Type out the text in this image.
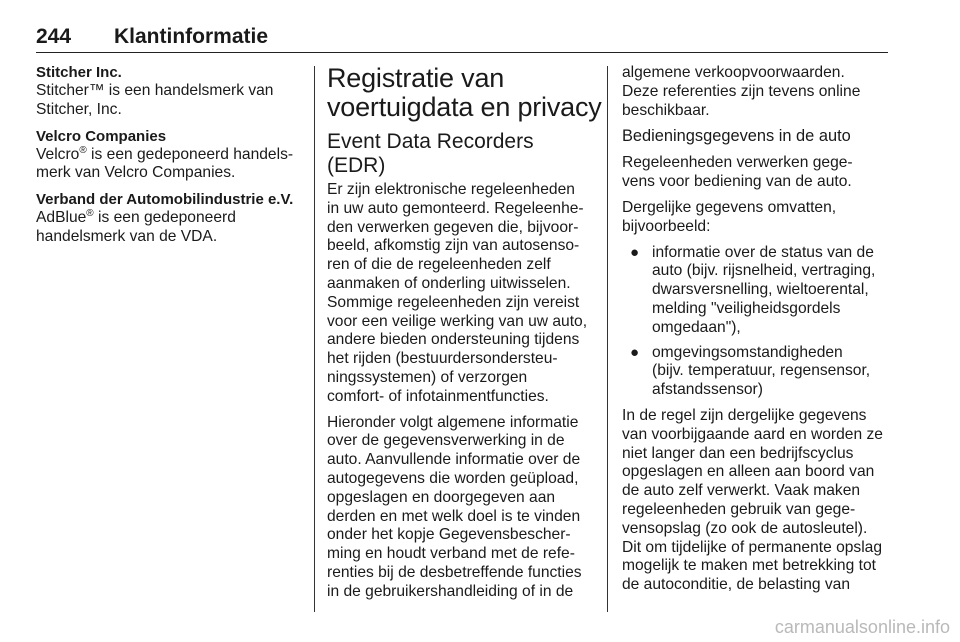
244 Klantinformatie

Stitcher Inc.

Stitcher™ is een handelsmerk van
Stitcher, Inc.

Velcro Companies

Velcro® is een gedeponeerd handels-
merk van Velcro Companies.

Verband der Automobilindustrie e.V.

AdBlue® is een gedeponeerd
handelsmerk van de VDA.

Registratie van
voertuigdata en privacy
Event Data Recorders
(EDR)

Er zijn elektronische regeleenheden
in uw auto gemonteerd. Regeleenhe-
den verwerken gegeven die, bijvoor-
beeld, afkomstig zijn van autosenso-
ren of die de regeleenheden zelf
aanmaken of onderling uitwisselen.
Sommige regeleenheden zijn vereist
voor een veilige werking van uw auto,
andere bieden ondersteuning tijdens
het rijden (bestuurdersondersteu-
ningssystemen) of verzorgen
comfort- of infotainmentfuncties.

Hieronder volgt algemene informatie
over de gegevensverwerking in de
auto. Aanvullende informatie over de
autogegevens die worden geüpload,
opgeslagen en doorgegeven aan
derden en met welk doel is te vinden
onder het kopje Gegevensbescher-
ming en houdt verband met de refe-
renties bij de desbetreffende functies
in de gebruikershandleiding of in de

algemene verkoopvoorwaarden.
Deze referenties zijn tevens online
beschikbaar.

Bedieningsgegevens in de auto

Regeleenheden verwerken gege-
vens voor bediening van de auto.

Dergelijke gegevens omvatten,
bijvoorbeeld:

● informatie over de status van de
auto (bijv. rijsnelheid, vertraging,
dwarsversnelling, wieltoerental,
melding "veiligheidsgordels
omgedaan"),
● omgevingsomstandigheden
(bijv. temperatuur, regensensor,
afstandssensor)

In de regel zijn dergelijke gegevens
van voorbijgaande aard en worden ze
niet langer dan een bedrijfscyclus
opgeslagen en alleen aan boord van
de auto zelf verwerkt. Vaak maken
regeleenheden gebruik van gege-
vensopslag (zo ook de autosleutel).
Dit om tijdelijke of permanente opslag
mogelijk te maken met betrekking tot
de autoconditie, de belasting van

carmanualsonline.info
